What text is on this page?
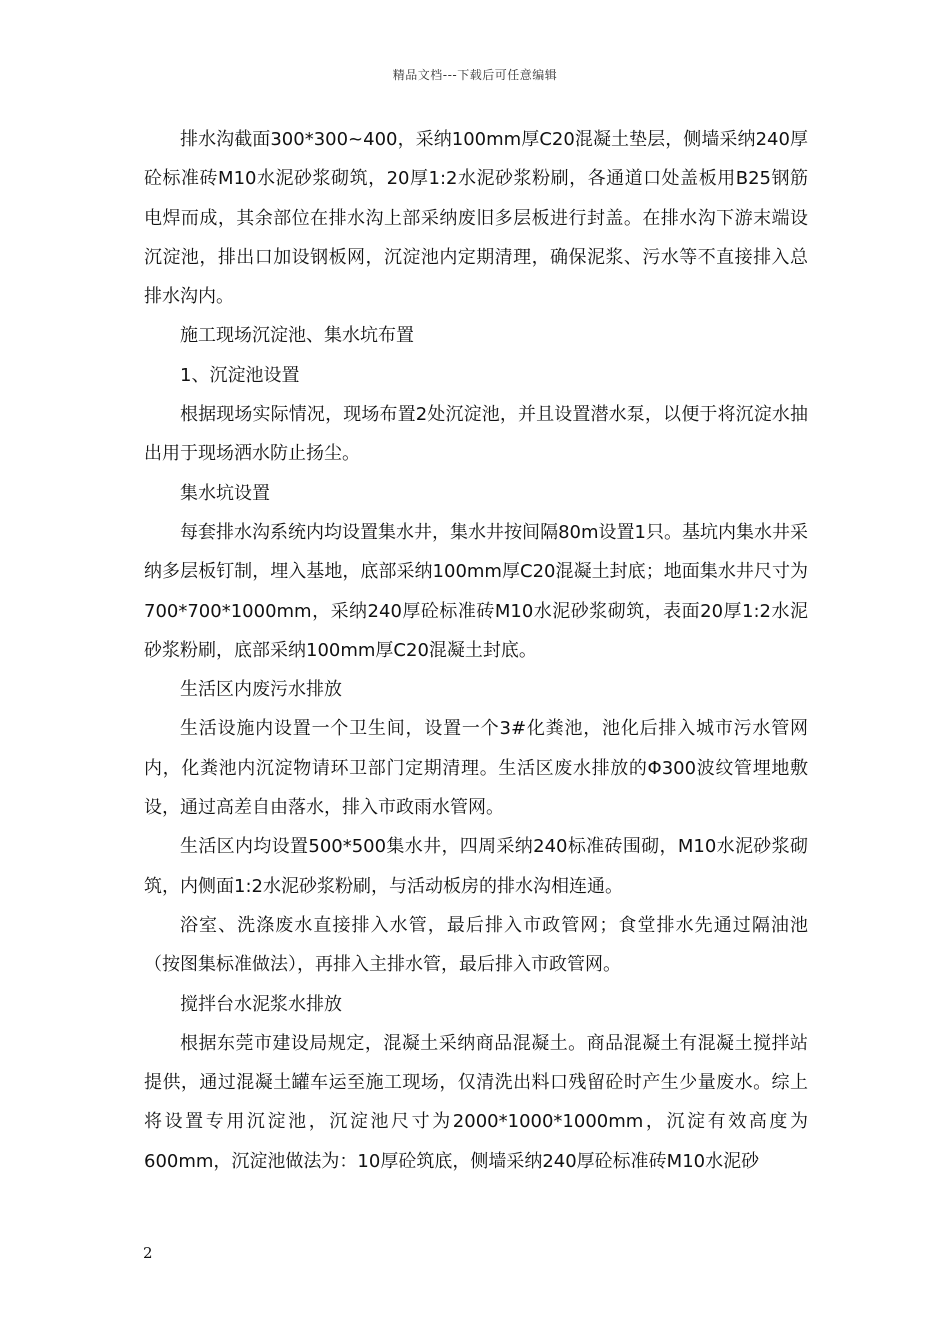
精品文档---下载后可任意编辑

排水沟截面300*300~400，采纳100mm厚C20混凝土垫层，侧墙采纳240厚砼标准砖M10水泥砂浆砌筑，20厚1:2水泥砂浆粉刷，各通道口处盖板用B25钢筋电焊而成，其余部位在排水沟上部采纳废旧多层板进行封盖。在排水沟下游末端设沉淀池，排出口加设钢板网，沉淀池内定期清理，确保泥浆、污水等不直接排入总排水沟内。

施工现场沉淀池、集水坑布置

1、沉淀池设置

根据现场实际情况，现场布置2处沉淀池，并且设置潜水泵，以便于将沉淀水抽出用于现场洒水防止扬尘。

集水坑设置

每套排水沟系统内均设置集水井，集水井按间隔80m设置1只。基坑内集水井采纳多层板钉制，埋入基地，底部采纳100mm厚C20混凝土封底；地面集水井尺寸为700*700*1000mm，采纳240厚砼标准砖M10水泥砂浆砌筑，表面20厚1:2水泥砂浆粉刷，底部采纳100mm厚C20混凝土封底。

生活区内废污水排放

生活设施内设置一个卫生间，设置一个3#化粪池，池化后排入城市污水管网内，化粪池内沉淀物请环卫部门定期清理。生活区废水排放的Φ300波纹管埋地敷设，通过高差自由落水，排入市政雨水管网。

生活区内均设置500*500集水井，四周采纳240标准砖围砌，M10水泥砂浆砌筑，内侧面1:2水泥砂浆粉刷，与活动板房的排水沟相连通。

浴室、洗涤废水直接排入水管，最后排入市政管网；食堂排水先通过隔油池（按图集标准做法），再排入主排水管，最后排入市政管网。

搅拌台水泥浆水排放

根据东莞市建设局规定，混凝土采纳商品混凝土。商品混凝土有混凝土搅拌站提供，通过混凝土罐车运至施工现场，仅清洗出料口残留砼时产生少量废水。综上将设置专用沉淀池，沉淀池尺寸为2000*1000*1000mm，沉淀有效高度为600mm，沉淀池做法为：10厚砼筑底，侧墙采纳240厚砼标准砖M10水泥砂

2
